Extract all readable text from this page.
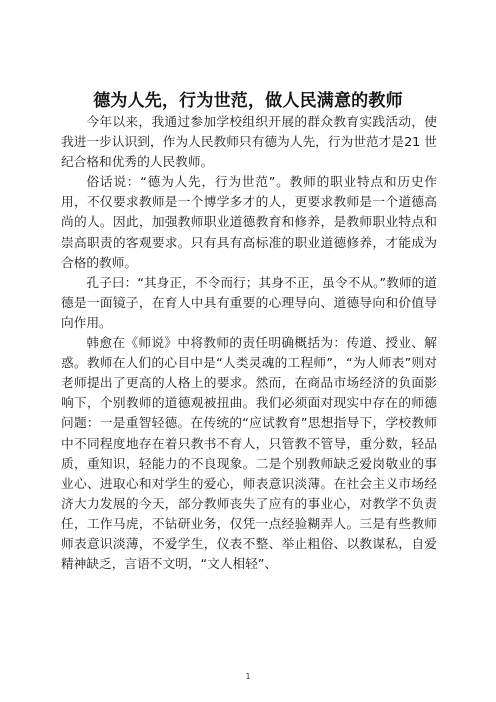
德为人先，行为世范，做人民满意的教师

今年以来，我通过参加学校组织开展的群众教育实践活动，使我进一步认识到，作为人民教师只有德为人先，行为世范才是21 世纪合格和优秀的人民教师。

俗话说：“德为人先，行为世范”。教师的职业特点和历史作用，不仅要求教师是一个博学多才的人，更要求教师是一个道德高尚的人。因此，加强教师职业道德教育和修养，是教师职业特点和崇高职责的客观要求。只有具有高标准的职业道德修养，才能成为合格的教师。

孔子曰：“其身正，不令而行；其身不正，虽令不从。”教师的道德是一面镜子，在育人中具有重要的心理导向、道德导向和价值导向作用。

韩愈在《师说》中将教师的责任明确概括为：传道、授业、解惑。教师在人们的心目中是“人类灵魂的工程师”，“为人师表”则对老师提出了更高的人格上的要求。然而，在商品市场经济的负面影响下，个别教师的道德观被扭曲。我们必须面对现实中存在的师德问题：一是重智轻德。在传统的“应试教育”思想指导下，学校教师中不同程度地存在着只教书不育人，只管教不管导，重分数，轻品质，重知识，轻能力的不良现象。二是个别教师缺乏爱岗敬业的事业心、进取心和对学生的爱心，师表意识淡薄。在社会主义市场经济大力发展的今天，部分教师丧失了应有的事业心，对教学不负责任，工作马虎，不钻研业务，仅凭一点经验糊弄人。三是有些教师师表意识淡薄，不爱学生，仪表不整、举止粗俗、以教谋私，自爱精神缺乏，言语不文明，“文人相轻”、

1
